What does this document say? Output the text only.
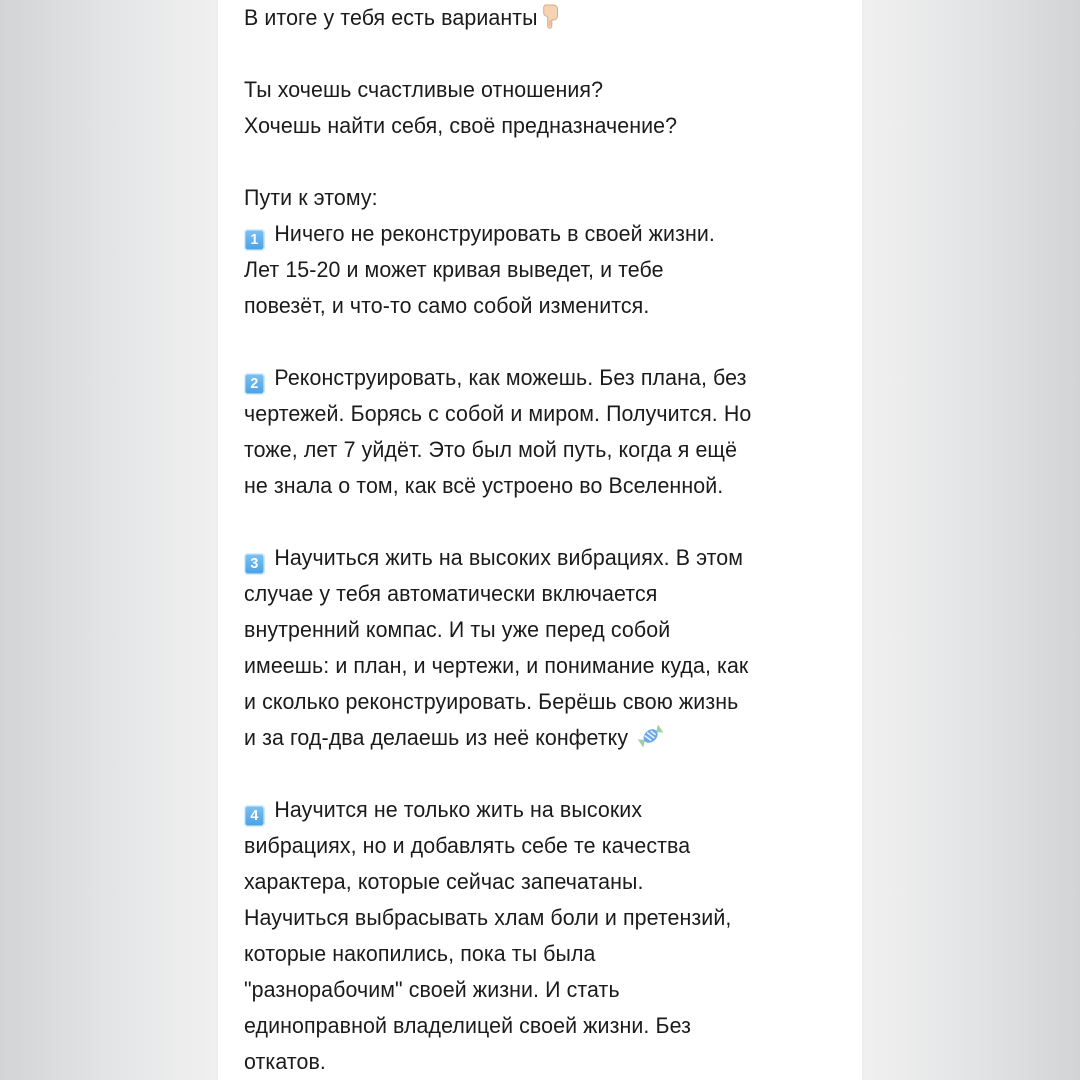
В итоге у тебя есть варианты
Ты хочешь счастливые отношения?
Хочешь найти себя, своё предназначение?
Пути к этому:
1 Ничего не реконструировать в своей жизни.
Лет 15-20 и может кривая выведет, и тебе
повезёт, и что-то само собой изменится.
2 Реконструировать, как можешь. Без плана, без
чертежей. Борясь с собой и миром. Получится. Но
тоже, лет 7 уйдёт. Это был мой путь, когда я ещё
не знала о том, как всё устроено во Вселенной.
3 Научиться жить на высоких вибрациях. В этом
случае у тебя автоматически включается
внутренний компас. И ты уже перед собой
имеешь: и план, и чертежи, и понимание куда, как
и сколько реконструировать. Берёшь свою жизнь
и за год-два делаешь из неё конфетку
4 Научится не только жить на высоких
вибрациях, но и добавлять себе те качества
характера, которые сейчас запечатаны.
Научиться выбрасывать хлам боли и претензий,
которые накопились, пока ты была
"разнорабочим" своей жизни. И стать
единоправной владелицей своей жизни. Без
откатов.
